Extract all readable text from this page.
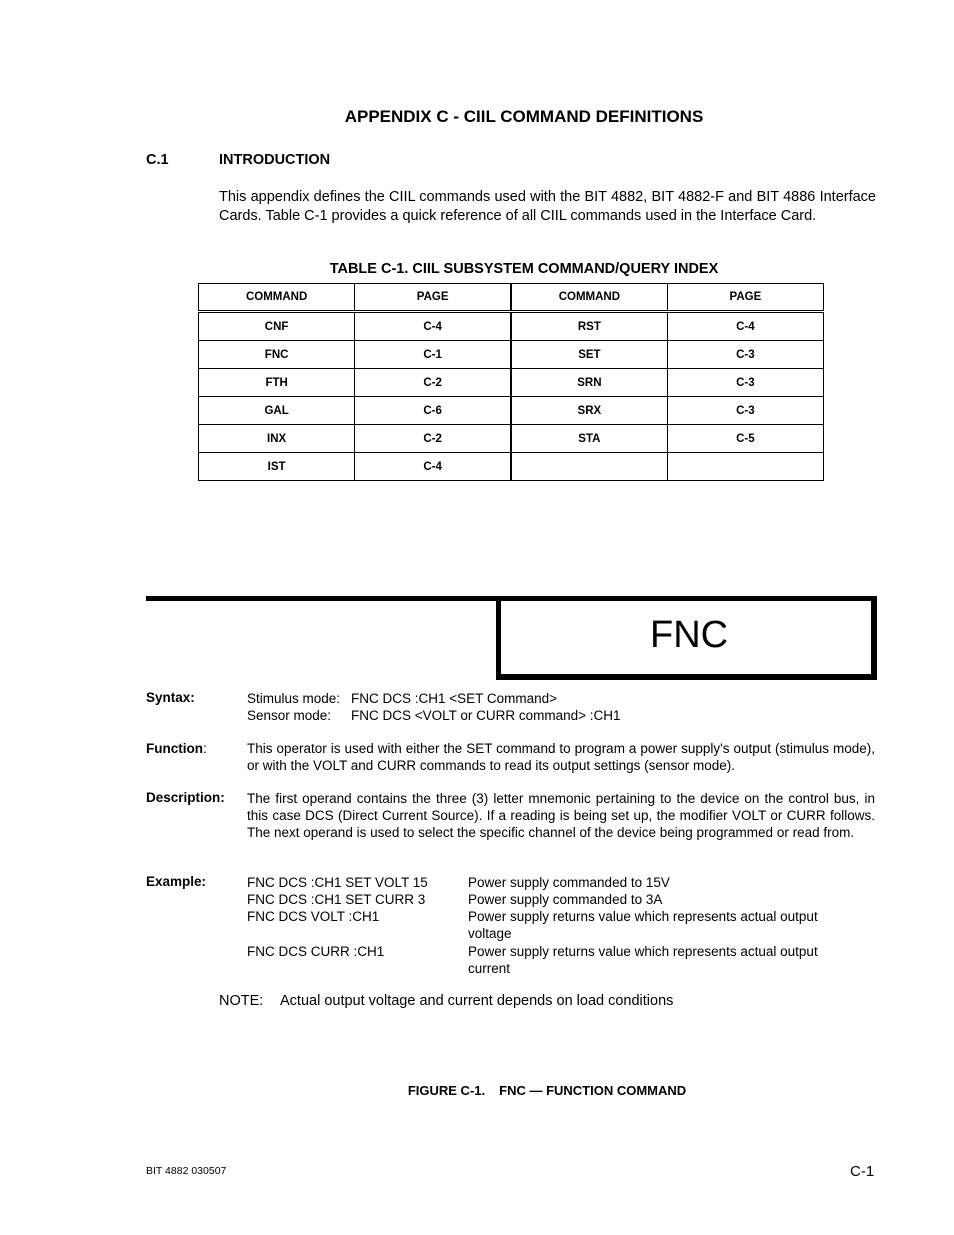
APPENDIX C - CIIL COMMAND DEFINITIONS
C.1	INTRODUCTION
This appendix defines the CIIL commands used with the BIT 4882, BIT 4882-F and BIT 4886 Interface Cards. Table C-1 provides a quick reference of all CIIL commands used in the Interface Card.
TABLE C-1. CIIL SUBSYSTEM COMMAND/QUERY INDEX
COMMAND	PAGE	COMMAND	PAGE
CNF	C-4	RST	C-4
FNC	C-1	SET	C-3
FTH	C-2	SRN	C-3
GAL	C-6	SRX	C-3
INX	C-2	STA	C-5
IST	C-4		
FNC
Syntax:	Stimulus mode: FNC DCS :CH1 <SET Command>
Sensor mode: FNC DCS <VOLT or CURR command> :CH1
Function:	This operator is used with either the SET command to program a power supply's output (stimulus mode), or with the VOLT and CURR commands to read its output settings (sensor mode).
Description: The first operand contains the three (3) letter mnemonic pertaining to the device on the control bus, in this case DCS (Direct Current Source). If a reading is being set up, the modifier VOLT or CURR follows. The next operand is used to select the specific channel of the device being programmed or read from.
Example:	FNC DCS :CH1 SET VOLT 15	Power supply commanded to 15V
FNC DCS :CH1 SET CURR 3	Power supply commanded to 3A
FNC DCS VOLT :CH1	Power supply returns value which represents actual output voltage
FNC DCS CURR :CH1	Power supply returns value which represents actual output current
NOTE: Actual output voltage and current depends on load conditions
FIGURE C-1. FNC — FUNCTION COMMAND
BIT 4882 030507	C-1
